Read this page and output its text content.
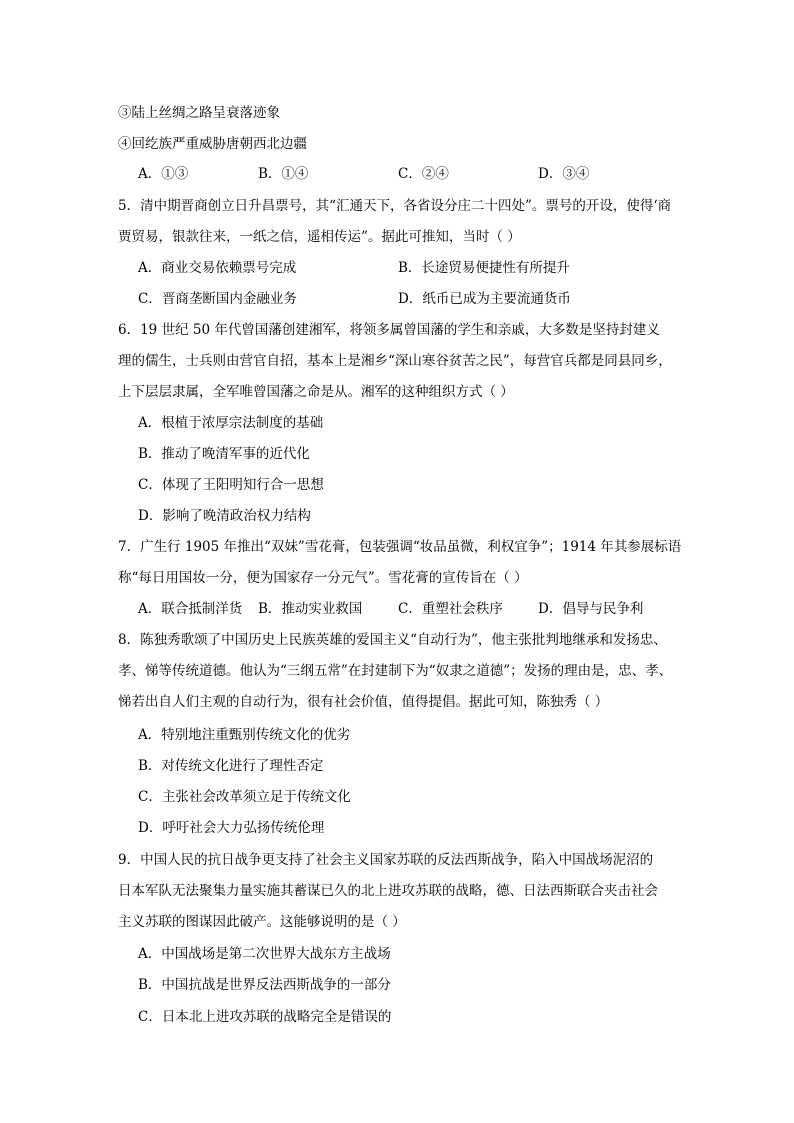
③陆上丝绸之路呈衰落迹象
④回纥族严重威胁唐朝西北边疆
A．①③	B．①④	C．②④	D．③④
5．清中期晋商创立日升昌票号，其“汇通天下，各省设分庄二十四处”。票号的开设，使得‘商
贾贸易，银款往来，一纸之信，遥相传运”。据此可推知，当时（ ）
A．商业交易依赖票号完成	B．长途贸易便捷性有所提升
C．晋商垄断国内金融业务	D．纸币已成为主要流通货币
6．19 世纪 50 年代曾国藩创建湘军，将领多属曾国藩的学生和亲戚，大多数是坚持封建义
理的儒生，士兵则由营官自招，基本上是湘乡“深山寒谷贫苦之民”，每营官兵都是同县同乡，
上下层层隶属，全军唯曾国藩之命是从。湘军的这种组织方式（ ）
A．根植于浓厚宗法制度的基础
B．推动了晚清军事的近代化
C．体现了王阳明知行合一思想
D．影响了晚清政治权力结构
7．广生行 1905 年推出“双妹”雪花膏，包装强调“妆品虽微，利权宜争”；1914 年其参展标语
称“每日用国妆一分，便为国家存一分元气”。雪花膏的宣传旨在（ ）
A．联合抵制洋货 B．推动实业救国	C．重塑社会秩序	D．倡导与民争利
8．陈独秀歌颂了中国历史上民族英雄的爱国主义“自动行为”，他主张批判地继承和发扬忠、
孝、悌等传统道德。他认为“三纲五常”在封建制下为“奴隶之道德”；发扬的理由是，忠、孝、
悌若出自人们主观的自动行为，很有社会价值，值得提倡。据此可知，陈独秀（ ）
A．特别地注重甄别传统文化的优劣
B．对传统文化进行了理性否定
C．主张社会改革须立足于传统文化
D．呼吁社会大力弘扬传统伦理
9．中国人民的抗日战争更支持了社会主义国家苏联的反法西斯战争，陷入中国战场泥沼的
日本军队无法聚集力量实施其蓄谋已久的北上进攻苏联的战略，德、日法西斯联合夹击社会
主义苏联的图谋因此破产。这能够说明的是（ ）
A．中国战场是第二次世界大战东方主战场
B．中国抗战是世界反法西斯战争的一部分
C．日本北上进攻苏联的战略完全是错误的
